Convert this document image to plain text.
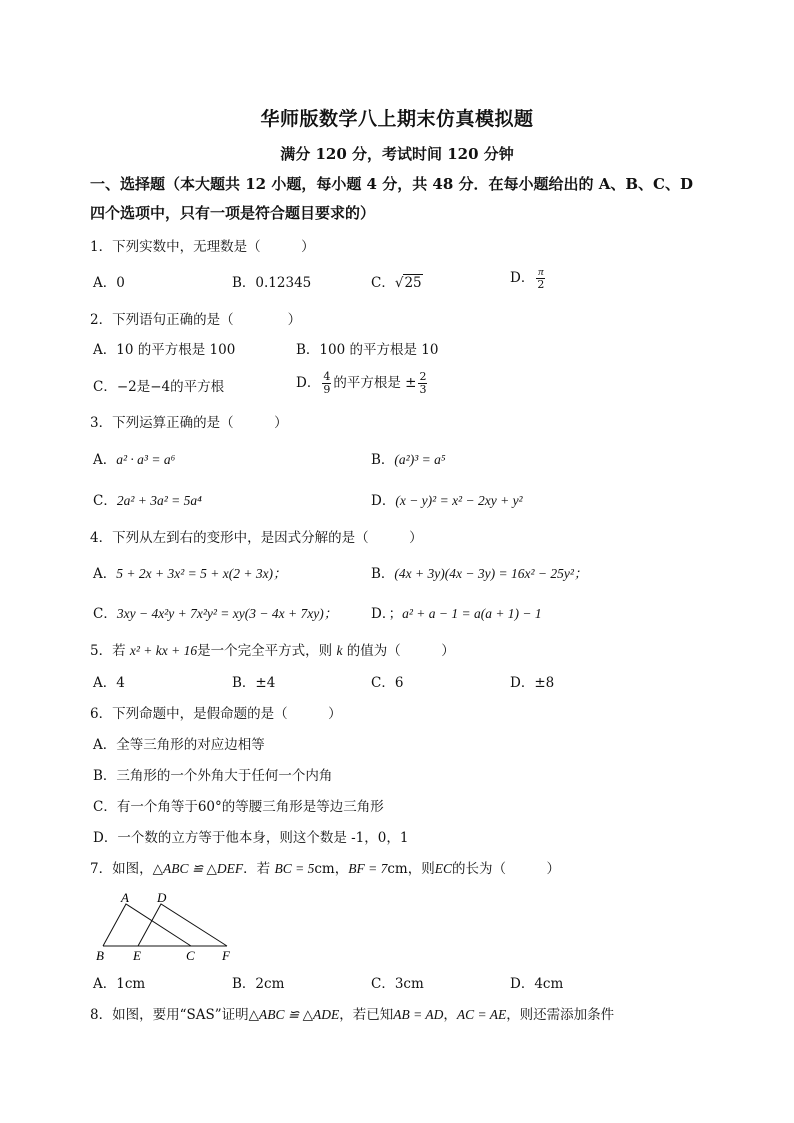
华师版数学八上期末仿真模拟题
满分 120 分，考试时间 120 分钟
一、选择题（本大题共 12 小题，每小题 4 分，共 48 分．在每小题给出的 A、B、C、D
四个选项中，只有一项是符合题目要求的）
1．下列实数中，无理数是（　　　）
A．0	B．0.12345	C．√25	D． $\frac{\pi}{2}$
2．下列语句正确的是（　　　　）
A．10 的平方根是 100	B．100 的平方根是 10
C．−2是−4的平方根	D． $\frac{4}{9}$ 的平方根是 ± $\frac{2}{3}$
3．下列运算正确的是（　　　）
A．a² · a³ = a⁶	B．(a²)³ = a⁵
C．2a² + 3a² = 5a⁴	D．(x − y)² = x² − 2xy + y²
4．下列从左到右的变形中，是因式分解的是（　　　）
A．5 + 2x + 3x² = 5 + x(2 + 3x)；	B．(4x + 3y)(4x − 3y) = 16x² − 25y²；
C．3xy − 4x²y + 7x²y² = xy(3 − 4x + 7xy)；	D．；a² + a − 1 = a(a + 1) − 1
5．若 x² + kx + 16是一个完全平方式，则 k 的值为（　　　）
A．4	B．±4	C．6	D．±8
6．下列命题中，是假命题的是（　　　）
A．全等三角形的对应边相等
B．三角形的一个外角大于任何一个内角
C．有一个角等于60°的等腰三角形是等边三角形
D．一个数的立方等于他本身，则这个数是 -1，0，1
7．如图，△ABC ≌ △DEF．若 BC = 5cm，BF = 7cm，则EC的长为（　　　）
A D
B E	C F
A．1cm	B．2cm	C．3cm	D．4cm
8．如图，要用“SAS”证明△ABC ≌ △ADE，若已知AB = AD，AC = AE，则还需添加条件
